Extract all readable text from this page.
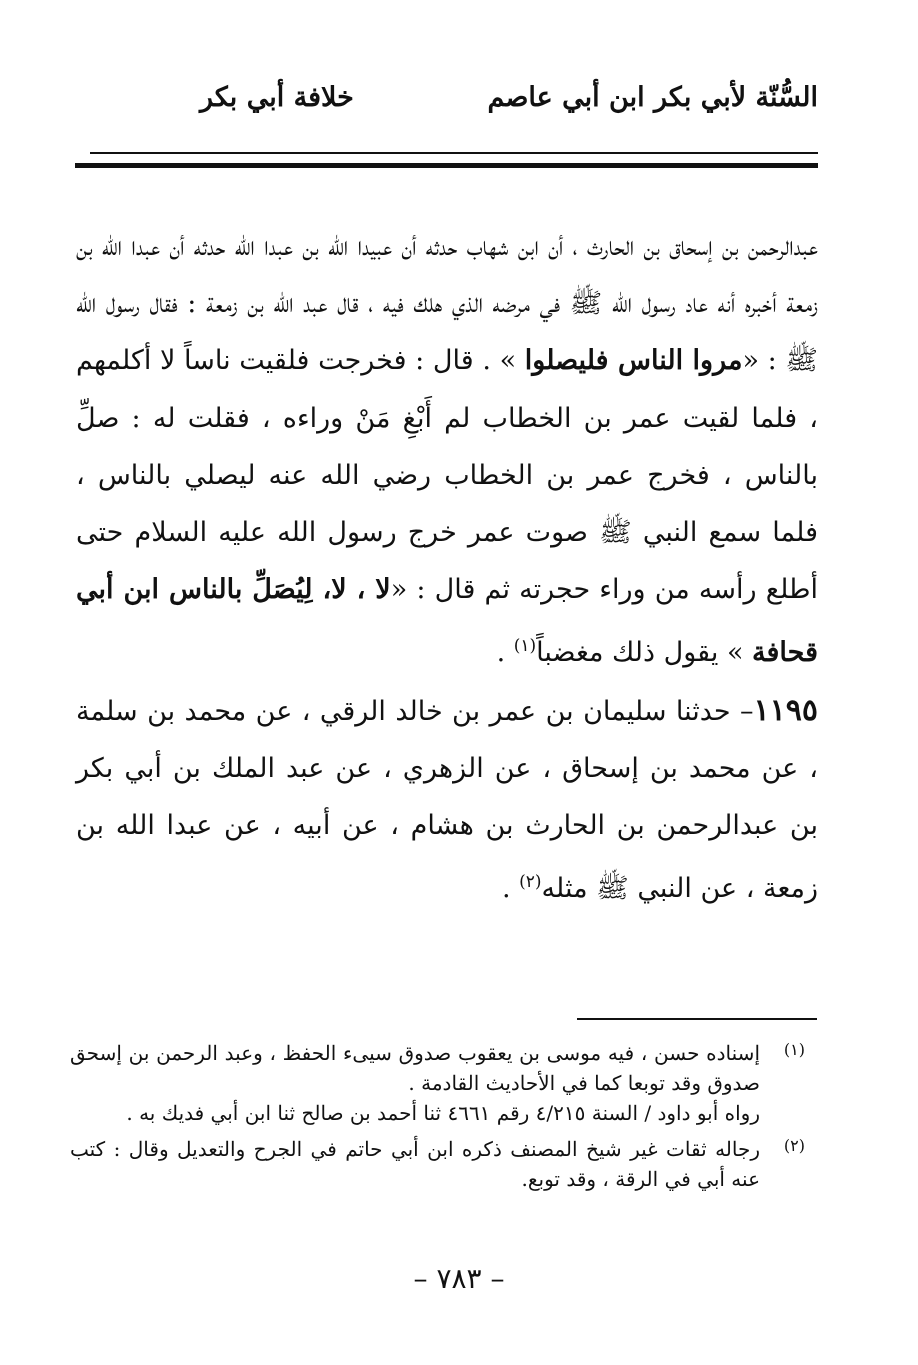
السُّنّة لأبي بكر ابن أبي عاصم
خلافة أبي بكر

عبدالرحمن بن إسحاق بن الحارث ، أن ابن شهاب حدثه أن عبيدا الله بن عبدا الله حدثه أن عبدا الله بن زمعة أخبره أنه عاد رسول الله ﷺ في مرضه الذي هلك فيه ، قال عبد الله بن زمعة : فقال رسول الله ﷺ : «مروا الناس فليصلوا » . قال : فخرجت فلقيت ناساً لا أكلمهم ، فلما لقيت عمر بن الخطاب لم أَبْغِ مَنْ وراءه ، فقلت له : صلِّ بالناس ، فخرج عمر بن الخطاب رضي الله عنه ليصلي بالناس ، فلما سمع النبي ﷺ صوت عمر خرج رسول الله عليه السلام حتى أطلع رأسه من وراء حجرته ثم قال : «لا ، لا، لِيُصَلِّ بالناس ابن أبي قحافة » يقول ذلك مغضباً$^{(١)}$ .

١١٩٥– حدثنا سليمان بن عمر بن خالد الرقي ، عن محمد بن سلمة ، عن محمد بن إسحاق ، عن الزهري ، عن عبد الملك بن أبي بكر بن عبدالرحمن بن الحارث بن هشام ، عن أبيه ، عن عبدا الله بن زمعة ، عن النبي ﷺ مثله$^{(٢)}$ .

(١)

إسناده حسن ، فيه موسى بن يعقوب صدوق سيىء الحفظ ، وعبد الرحمن بن إسحق صدوق وقد توبعا كما في الأحاديث القادمة .

رواه أبو داود / السنة ٤/٢١٥ رقم ٤٦٦١ ثنا أحمد بن صالح ثنا ابن أبي فديك به .

(٢)

رجاله ثقات غير شيخ المصنف ذكره ابن أبي حاتم في الجرح والتعديل وقال : كتب عنه أبي في الرقة ، وقد توبع.

– ٧٨٣ –
